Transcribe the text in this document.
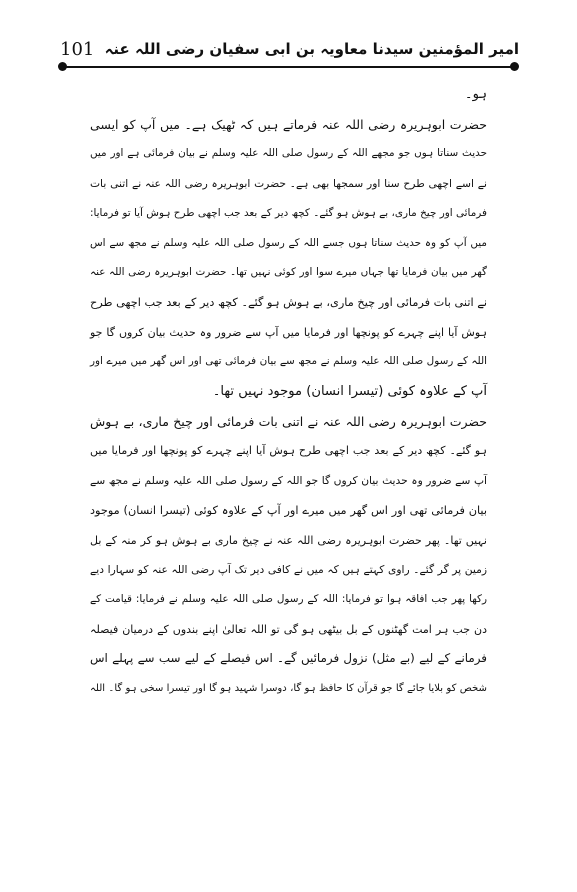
101 امیر المؤمنین سیدنا معاویہ بن ابی سفیان رضی اللہ عنہ
ہو۔
حضرت ابوہریرہ رضی اللہ عنہ فرماتے ہیں کہ ٹھیک ہے۔ میں آپ کو ایسی
حدیث سناتا ہوں جو مجھے اللہ کے رسول صلی اللہ علیہ وسلم نے بیان فرمائی ہے اور میں
نے اسے اچھی طرح سنا اور سمجھا بھی ہے۔ حضرت ابوہریرہ رضی اللہ عنہ نے اتنی بات
فرمائی اور چیخ ماری، بے ہوش ہو گئے۔ کچھ دیر کے بعد جب اچھی طرح ہوش آیا تو فرمایا:
میں آپ کو وہ حدیث سناتا ہوں جسے اللہ کے رسول صلی اللہ علیہ وسلم نے مجھ سے اس
گھر میں بیان فرمایا تھا جہاں میرے سوا اور کوئی نہیں تھا۔ حضرت ابوہریرہ رضی اللہ عنہ
نے اتنی بات فرمائی اور چیخ ماری، بے ہوش ہو گئے۔ کچھ دیر کے بعد جب اچھی طرح
ہوش آیا اپنے چہرے کو پونچھا اور فرمایا میں آپ سے ضرور وہ حدیث بیان کروں گا جو
اللہ کے رسول صلی اللہ علیہ وسلم نے مجھ سے بیان فرمائی تھی اور اس گھر میں میرے اور
آپ کے علاوہ کوئی (تیسرا انسان) موجود نہیں تھا۔
حضرت ابوہریرہ رضی اللہ عنہ نے اتنی بات فرمائی اور چیخ ماری، بے ہوش
ہو گئے۔ کچھ دیر کے بعد جب اچھی طرح ہوش آیا اپنے چہرے کو پونچھا اور فرمایا میں
آپ سے ضرور وہ حدیث بیان کروں گا جو اللہ کے رسول صلی اللہ علیہ وسلم نے مجھ سے
بیان فرمائی تھی اور اس گھر میں میرے اور آپ کے علاوہ کوئی (تیسرا انسان) موجود
نہیں تھا۔ پھر حضرت ابوہریرہ رضی اللہ عنہ نے چیخ ماری بے ہوش ہو کر منہ کے بل
زمین پر گر گئے۔ راوی کہتے ہیں کہ میں نے کافی دیر تک آپ رضی اللہ عنہ کو سہارا دیے
رکھا پھر جب افاقہ ہوا تو فرمایا: اللہ کے رسول صلی اللہ علیہ وسلم نے فرمایا: قیامت کے
دن جب ہر امت گھٹنوں کے بل بیٹھی ہو گی تو اللہ تعالیٰ اپنے بندوں کے درمیان فیصلہ
فرمانے کے لیے (بے مثل) نزول فرمائیں گے۔ اس فیصلے کے لیے سب سے پہلے اس
شخص کو بلایا جائے گا جو قرآن کا حافظ ہو گا، دوسرا شہید ہو گا اور تیسرا سخی ہو گا۔ اللہ
